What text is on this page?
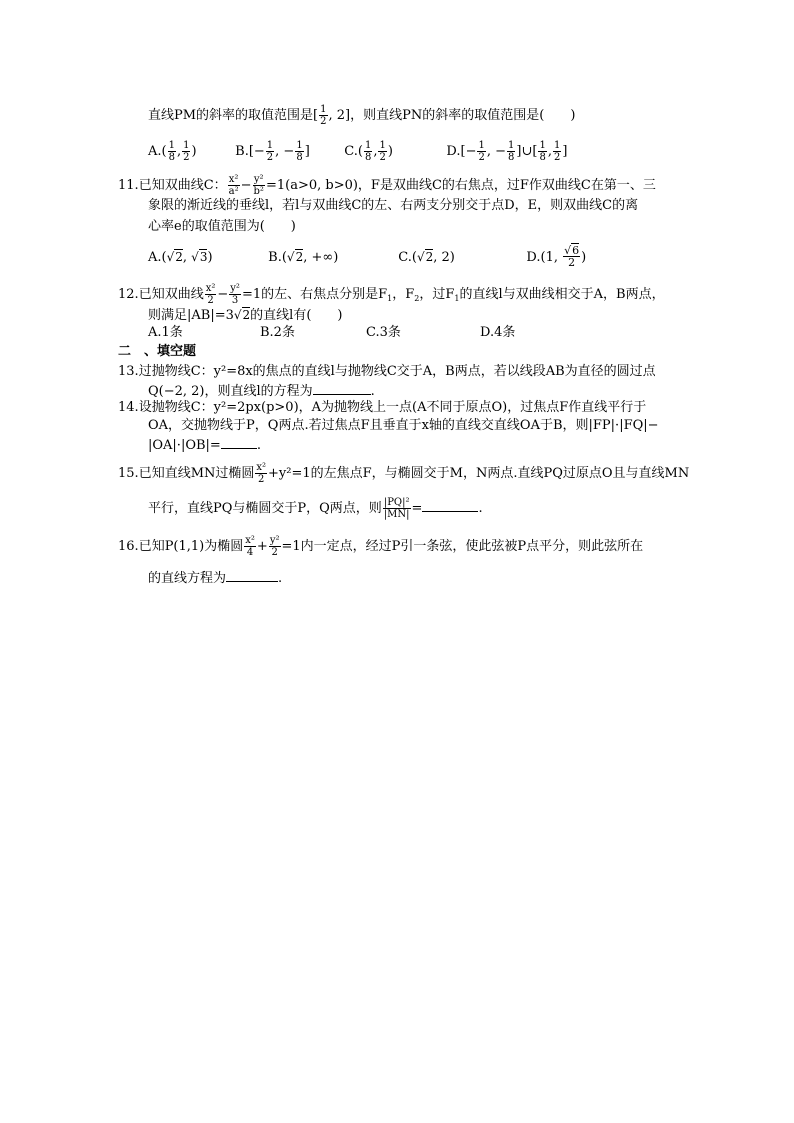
直线PM的斜率的取值范围是[ $\frac{1}{2}$ , 2]，则直线PN的斜率的取值范围是(　　)
$A.( \frac{1}{8}$ , $\frac{1}{2}$ )	$B.[- \frac{1}{2}$ , − $\frac{1}{8}$ ]	$C.( \frac{1}{8}$ , $\frac{1}{2}$ )	$D.[- \frac{1}{2}$ , − $\frac{1}{8}$ ]∪[ $\frac{1}{8}$ , $\frac{1}{2}$ ]
11.已知双曲线C： $\frac{\text{x²}}{\text{a²}} - \frac{\text{y²}}{\text{b²}} =1(a>0$, b>0)，F是双曲线C的右焦点，过F作双曲线C在第一、三
象限的渐近线的垂线l，若l与双曲线C的左、右两支分别交于点D，E，则双曲线C的离
心率e的取值范围为(　　)
A.(√2, √3)	B.(√2, +∞)	C.(√2, 2)	D.(1, $\frac{√6}{2}$ )
12.已知双曲线 $\frac{\text{x²}}{2} - \frac{\text{y²}}{3} =1$的左、右焦点分别是$F_1$，$F_2$，过$F_1$的直线l与双曲线相交于A，B两点，
则满足|AB|=3√2的直线l有(　　)
A.1条	B.2条	C.3条	D.4条
二　、填空题
13.过抛物线C：y²=8x的焦点的直线l与抛物线C交于A，B两点，若以线段AB为直径的圆过点
Q(−2, 2)，则直线l的方程为	.
14.设抛物线C：y²=2px(p>0)，A为抛物线上一点(A不同于原点O)，过焦点F作直线平行于
OA，交抛物线于P，Q两点.若过焦点F且垂直于x轴的直线交直线OA于B，则|FP|·|FQ|−
|OA|·|OB|=	.
15.已知直线MN过椭圆 $\frac{\text{x²}}{2} +y^2=1$的左焦点F，与椭圆交于M，N两点.直线PQ过原点O且与直线MN
平行，直线PQ与椭圆交于P，Q两点，则 $\frac{\text{|PQ|²}}{|MN|}$ =	.
16.已知P(1,1)为椭圆 $\frac{\text{x²}}{4} + \frac{\text{y²}}{2} =1$内一定点，经过P引一条弦，使此弦被P点平分，则此弦所在
的直线方程为	.
